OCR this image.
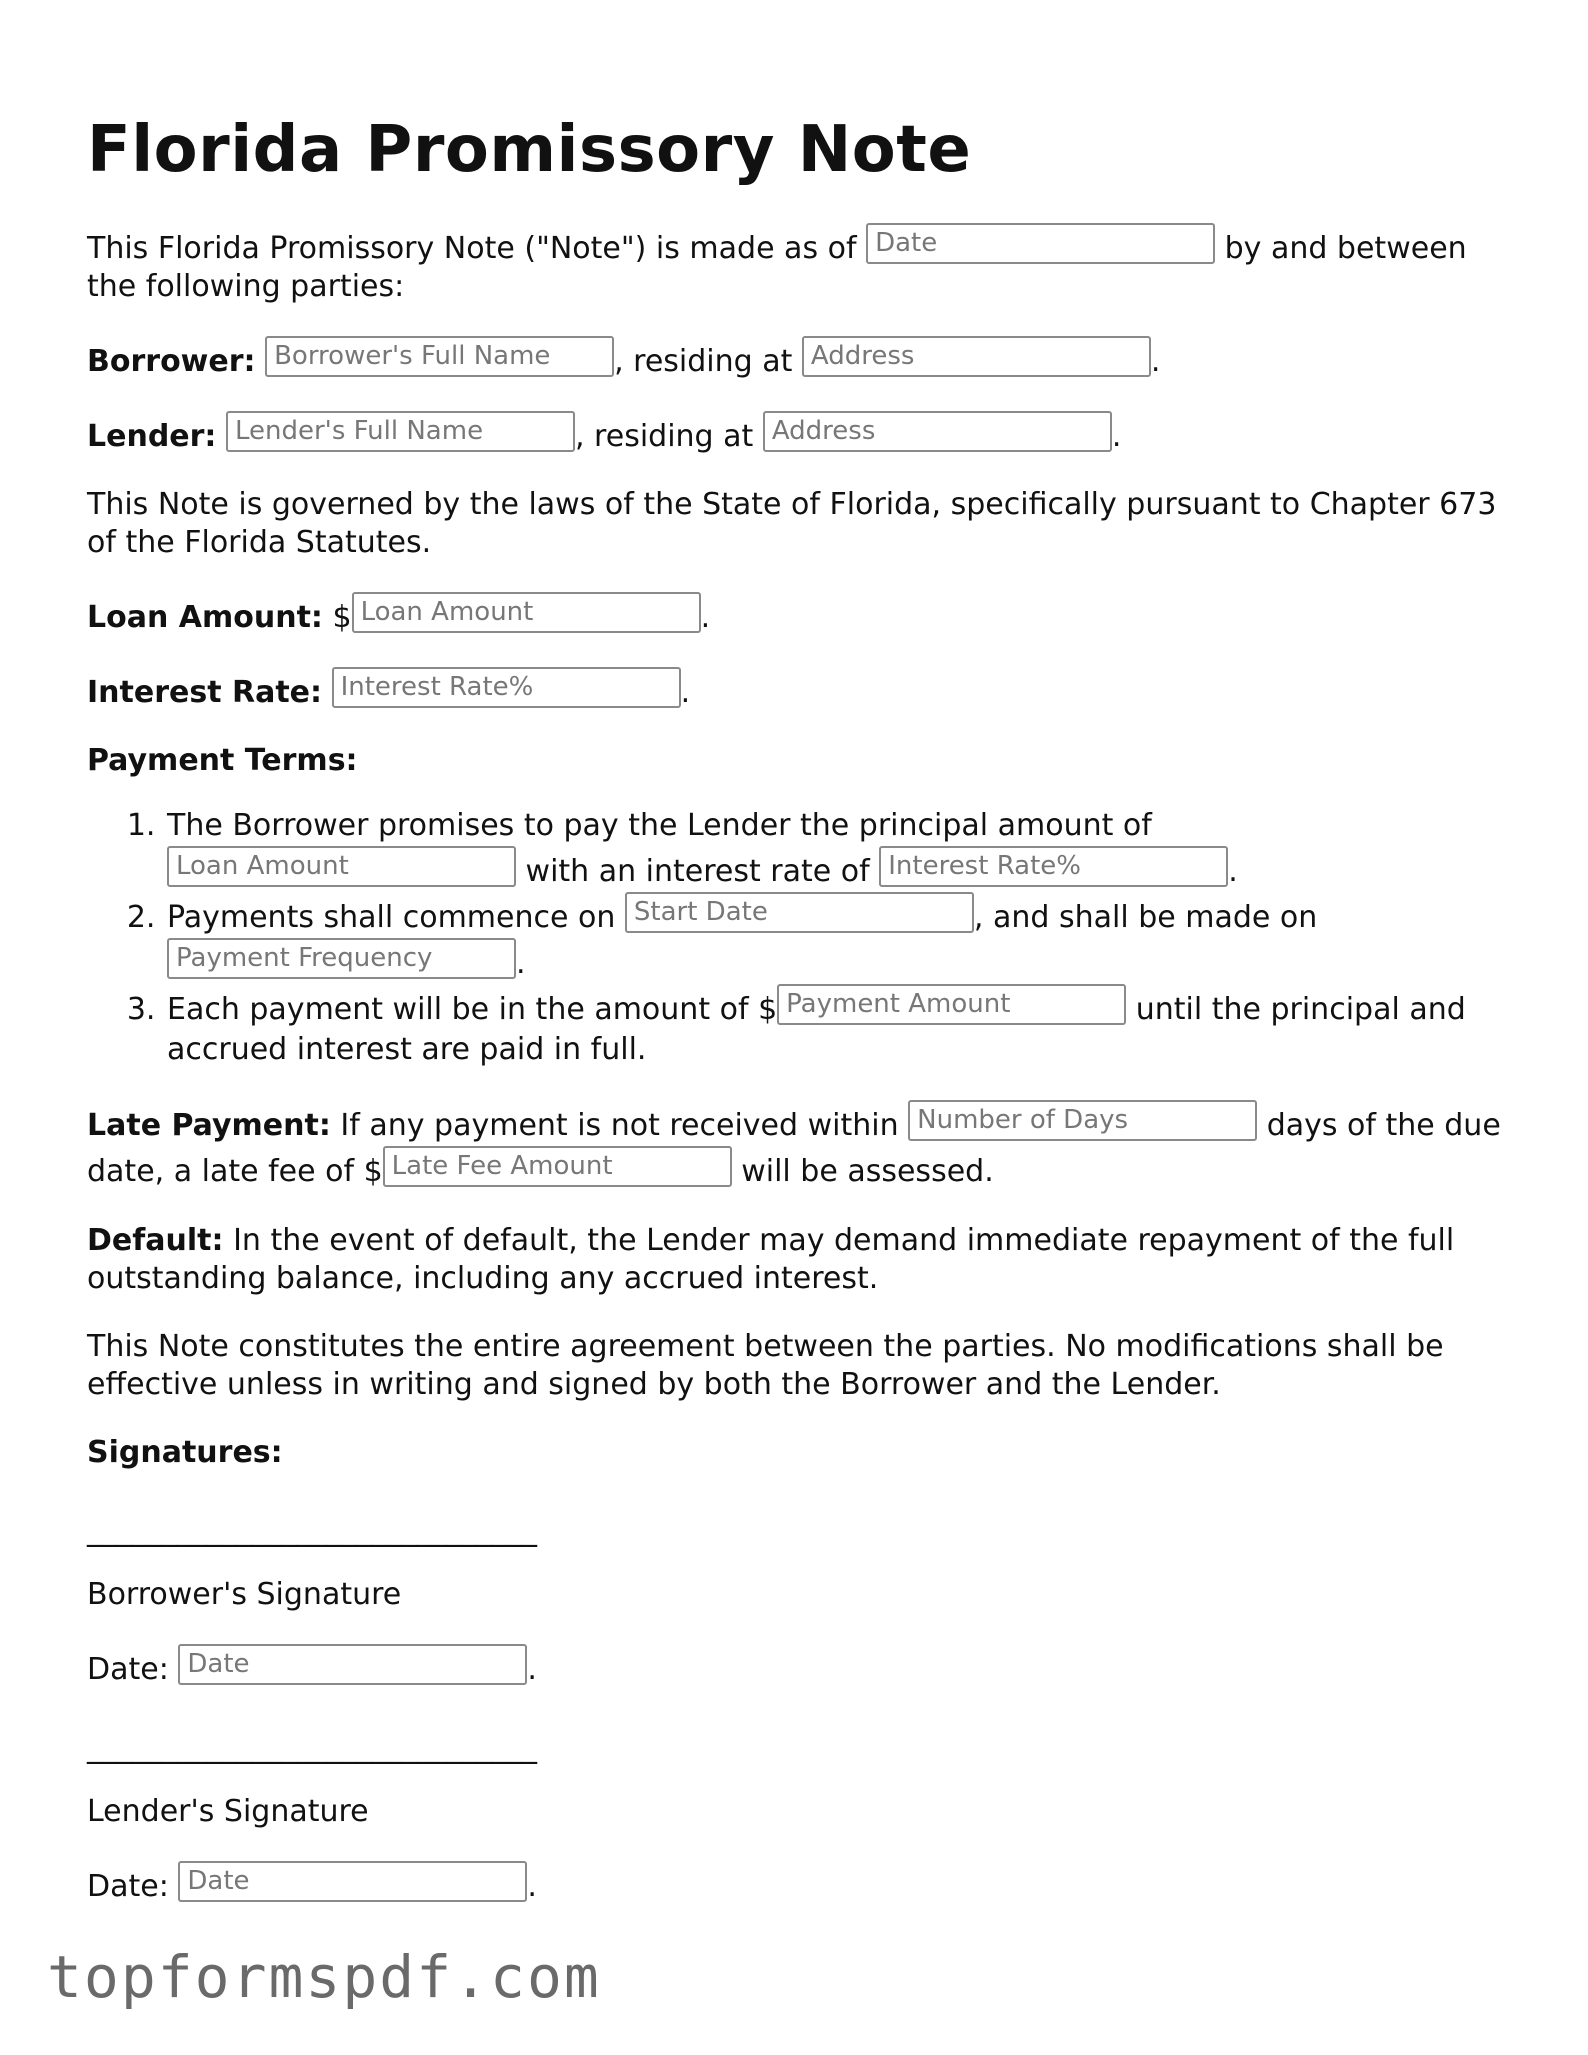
Florida Promissory Note

This Florida Promissory Note ("Note") is made as of Date	by and between the following parties:

Borrower: Borrower's Full Name , residing at Address	.

Lender: Lender's Full Name	, residing at Address	.

This Note is governed by the laws of the State of Florida, specifically pursuant to Chapter 673 of the Florida Statutes.

Loan Amount: $ Loan Amount	.

Interest Rate: Interest Rate%	.

Payment Terms:

1. The Borrower promises to pay the Lender the principal amount of Loan Amount	with an interest rate of Interest Rate%	.
2. Payments shall commence on Start Date	, and shall be made on Payment Frequency	.
3. Each payment will be in the amount of $ Payment Amount	until the principal and accrued interest are paid in full.

Late Payment: If any payment is not received within Number of Days	days of the due date, a late fee of $ Late Fee Amount	will be assessed.

Default: In the event of default, the Lender may demand immediate repayment of the full outstanding balance, including any accrued interest.

This Note constitutes the entire agreement between the parties. No modifications shall be effective unless in writing and signed by both the Borrower and the Lender.

Signatures:

______________________________

Borrower's Signature

Date: Date	.

______________________________

Lender's Signature

Date: Date	.

topformspdf.com
